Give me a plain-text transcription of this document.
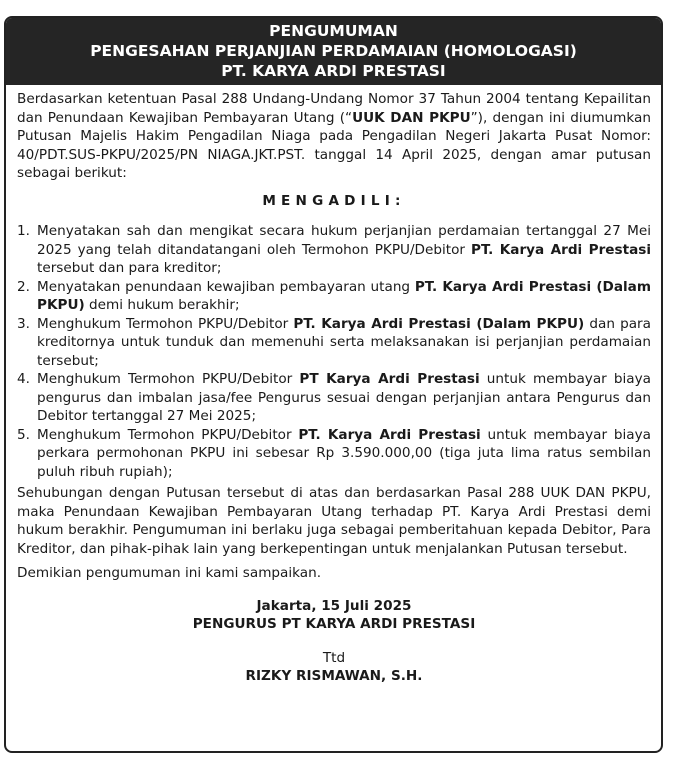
PENGUMUMAN
PENGESAHAN PERJANJIAN PERDAMAIAN (HOMOLOGASI)
PT. KARYA ARDI PRESTASI

Berdasarkan ketentuan Pasal 288 Undang-Undang Nomor 37 Tahun 2004 tentang Kepailitan dan Penundaan Kewajiban Pembayaran Utang (“UUK DAN PKPU”), dengan ini diumumkan Putusan Majelis Hakim Pengadilan Niaga pada Pengadilan Negeri Jakarta Pusat Nomor: 40/PDT.SUS-PKPU/2025/PN NIAGA.JKT.PST. tanggal 14 April 2025, dengan amar putusan sebagai berikut:

MENGADILI:
1. Menyatakan sah dan mengikat secara hukum perjanjian perdamaian tertanggal 27 Mei 2025 yang telah ditandatangani oleh Termohon PKPU/Debitor PT. Karya Ardi Prestasi tersebut dan para kreditor;
2. Menyatakan penundaan kewajiban pembayaran utang PT. Karya Ardi Prestasi (Dalam PKPU) demi hukum berakhir;
3. Menghukum Termohon PKPU/Debitor PT. Karya Ardi Prestasi (Dalam PKPU) dan para kreditornya untuk tunduk dan memenuhi serta melaksanakan isi perjanjian perdamaian tersebut;
4. Menghukum Termohon PKPU/Debitor PT Karya Ardi Prestasi untuk membayar biaya pengurus dan imbalan jasa/fee Pengurus sesuai dengan perjanjian antara Pengurus dan Debitor tertanggal 27 Mei 2025;
5. Menghukum Termohon PKPU/Debitor PT. Karya Ardi Prestasi untuk membayar biaya perkara permohonan PKPU ini sebesar Rp 3.590.000,00 (tiga juta lima ratus sembilan puluh ribuh rupiah);

Sehubungan dengan Putusan tersebut di atas dan berdasarkan Pasal 288 UUK DAN PKPU, maka Penundaan Kewajiban Pembayaran Utang terhadap PT. Karya Ardi Prestasi demi hukum berakhir. Pengumuman ini berlaku juga sebagai pemberitahuan kepada Debitor, Para Kreditor, dan pihak-pihak lain yang berkepentingan untuk menjalankan Putusan tersebut.

Demikian pengumuman ini kami sampaikan.

Jakarta, 15 Juli 2025
PENGURUS PT KARYA ARDI PRESTASI
Ttd
RIZKY RISMAWAN, S.H.
